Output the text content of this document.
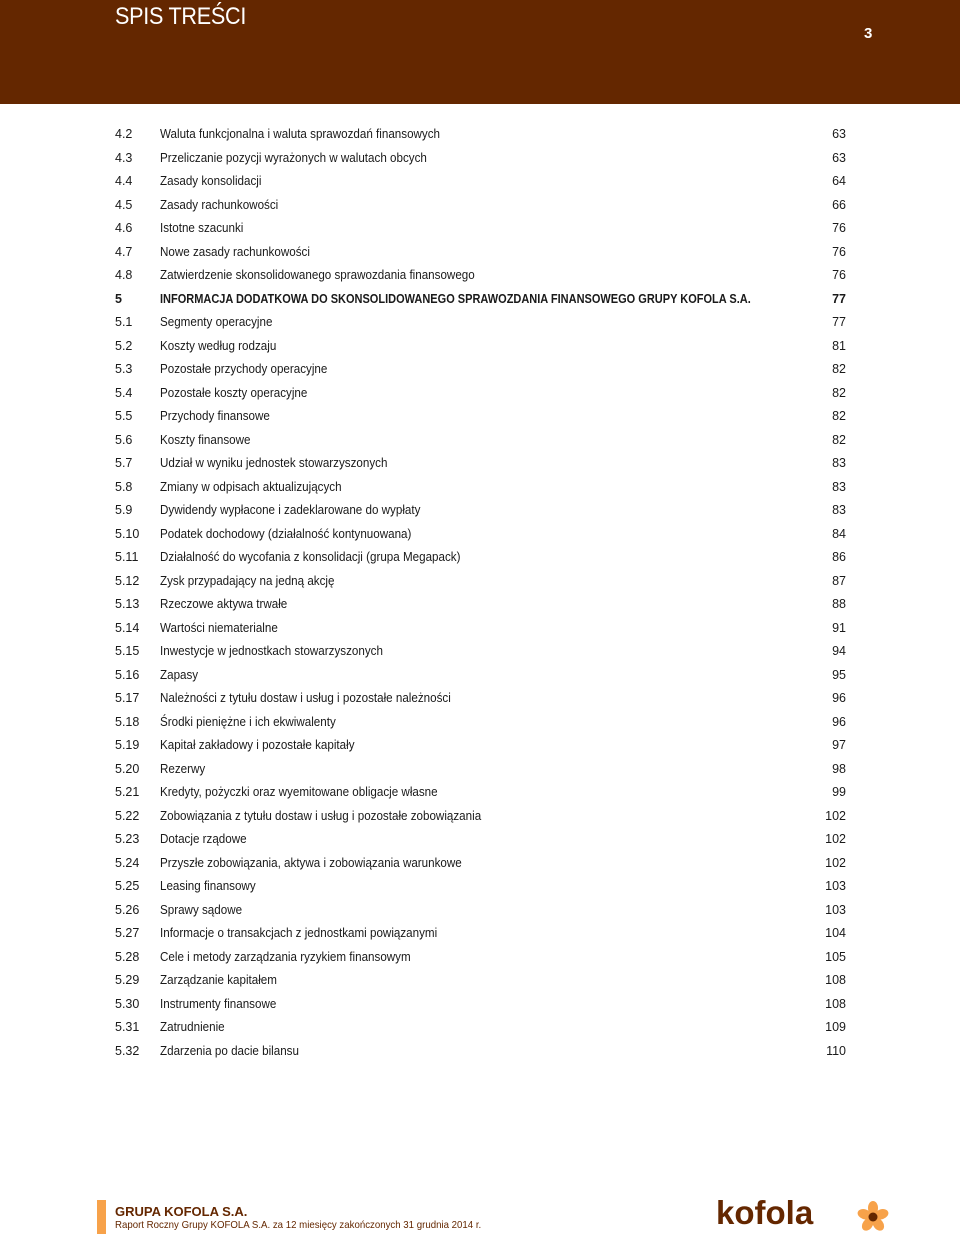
SPIS TREŚCI
3
4.2 Waluta funkcjonalna i waluta sprawozdań finansowych	63
4.3 Przeliczanie pozycji wyrażonych w walutach obcych	63
4.4 Zasady konsolidacji	64
4.5 Zasady rachunkowości	66
4.6 Istotne szacunki	76
4.7 Nowe zasady rachunkowości	76
4.8 Zatwierdzenie skonsolidowanego sprawozdania finansowego	76
5	INFORMACJA DODATKOWA DO SKONSOLIDOWANEGO SPRAWOZDANIA FINANSOWEGO GRUPY KOFOLA S.A.	77
5.1 Segmenty operacyjne	77
5.2 Koszty według rodzaju	81
5.3 Pozostałe przychody operacyjne	82
5.4 Pozostałe koszty operacyjne	82
5.5 Przychody finansowe	82
5.6 Koszty finansowe	82
5.7 Udział w wyniku jednostek stowarzyszonych	83
5.8 Zmiany w odpisach aktualizujących	83
5.9 Dywidendy wypłacone i zadeklarowane do wypłaty	83
5.10 Podatek dochodowy (działalność kontynuowana)	84
5.11 Działalność do wycofania z konsolidacji (grupa Megapack)	86
5.12 Zysk przypadający na jedną akcję	87
5.13 Rzeczowe aktywa trwałe	88
5.14 Wartości niematerialne	91
5.15 Inwestycje w jednostkach stowarzyszonych	94
5.16 Zapasy	95
5.17 Należności z tytułu dostaw i usług i pozostałe należności	96
5.18 Środki pieniężne i ich ekwiwalenty	96
5.19 Kapitał zakładowy i pozostałe kapitały	97
5.20 Rezerwy	98
5.21 Kredyty, pożyczki oraz wyemitowane obligacje własne	99
5.22 Zobowiązania z tytułu dostaw i usług i pozostałe zobowiązania	102
5.23 Dotacje rządowe	102
5.24 Przyszłe zobowiązania, aktywa i zobowiązania warunkowe	102
5.25 Leasing finansowy	103
5.26 Sprawy sądowe	103
5.27 Informacje o transakcjach z jednostkami powiązanymi	104
5.28 Cele i metody zarządzania ryzykiem finansowym	105
5.29 Zarządzanie kapitałem	108
5.30 Instrumenty finansowe	108
5.31 Zatrudnienie	109
5.32 Zdarzenia po dacie bilansu	110
GRUPA KOFOLA S.A.
Raport Roczny Grupy KOFOLA S.A. za 12 miesięcy zakończonych 31 grudnia 2014 r.	kofola
